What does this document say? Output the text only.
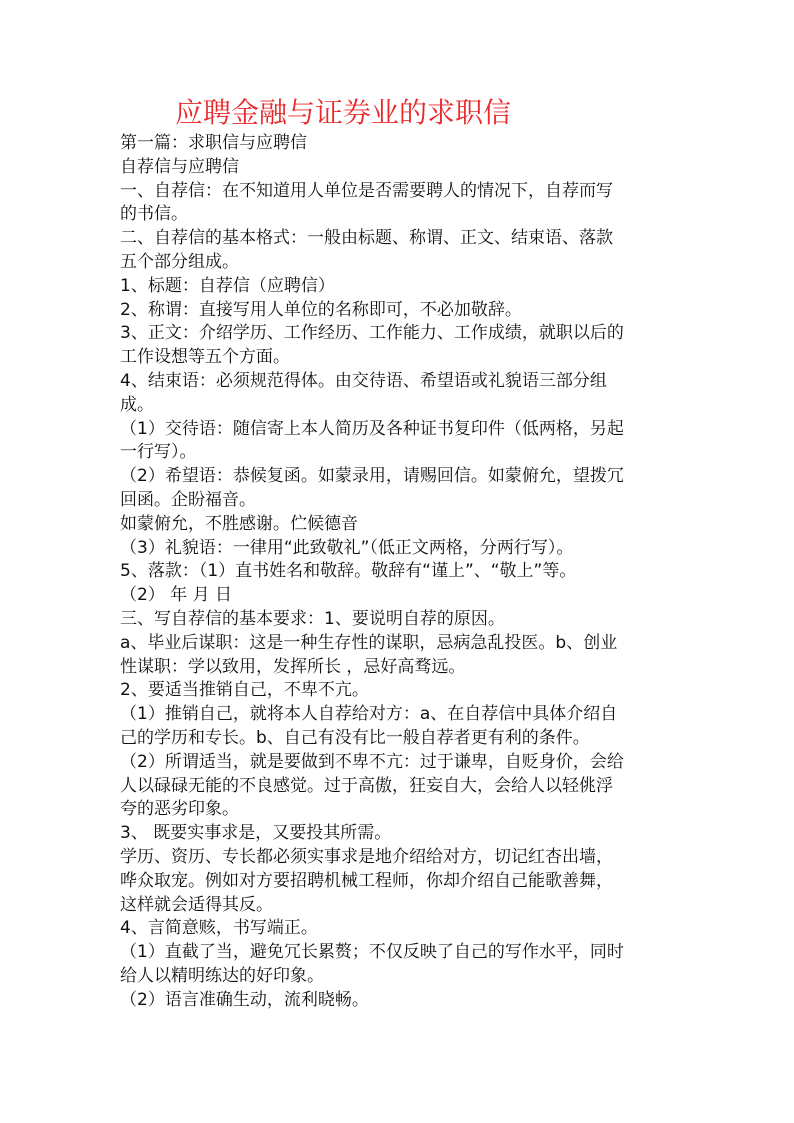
应聘金融与证券业的求职信
第一篇：求职信与应聘信
自荐信与应聘信
一、自荐信：在不知道用人单位是否需要聘人的情况下，自荐而写
的书信。
二、自荐信的基本格式：一般由标题、称谓、正文、结束语、落款
五个部分组成。
1、标题：自荐信（应聘信）
2、称谓：直接写用人单位的名称即可，不必加敬辞。
3、正文：介绍学历、工作经历、工作能力、工作成绩，就职以后的
工作设想等五个方面。
4、结束语：必须规范得体。由交待语、希望语或礼貌语三部分组
成。
（1）交待语：随信寄上本人简历及各种证书复印件（低两格，另起
一行写）。
（2）希望语：恭候复函。如蒙录用，请赐回信。如蒙俯允，望拨冗
回函。企盼福音。
如蒙俯允，不胜感谢。伫候德音
（3）礼貌语：一律用“此致敬礼”（低正文两格，分两行写）。
5、落款：（1）直书姓名和敬辞。敬辞有“谨上”、“敬上”等。
（2） 年 月 日
三、写自荐信的基本要求：1、要说明自荐的原因。
a、毕业后谋职：这是一种生存性的谋职，忌病急乱投医。b、创业
性谋职：学以致用，发挥所长 ，忌好高骛远。
2、要适当推销自己，不卑不亢。
（1）推销自己，就将本人自荐给对方：a、在自荐信中具体介绍自
己的学历和专长。b、自己有没有比一般自荐者更有利的条件。
（2）所谓适当，就是要做到不卑不亢：过于谦卑，自贬身价，会给
人以碌碌无能的不良感觉。过于高傲，狂妄自大，会给人以轻佻浮
夸的恶劣印象。
3、 既要实事求是，又要投其所需。
学历、资历、专长都必须实事求是地介绍给对方，切记红杏出墙，
哗众取宠。例如对方要招聘机械工程师，你却介绍自己能歌善舞，
这样就会适得其反。
4、言简意赅，书写端正。
（1）直截了当，避免冗长累赘；不仅反映了自己的写作水平，同时
给人以精明练达的好印象。
（2）语言准确生动，流利晓畅。
